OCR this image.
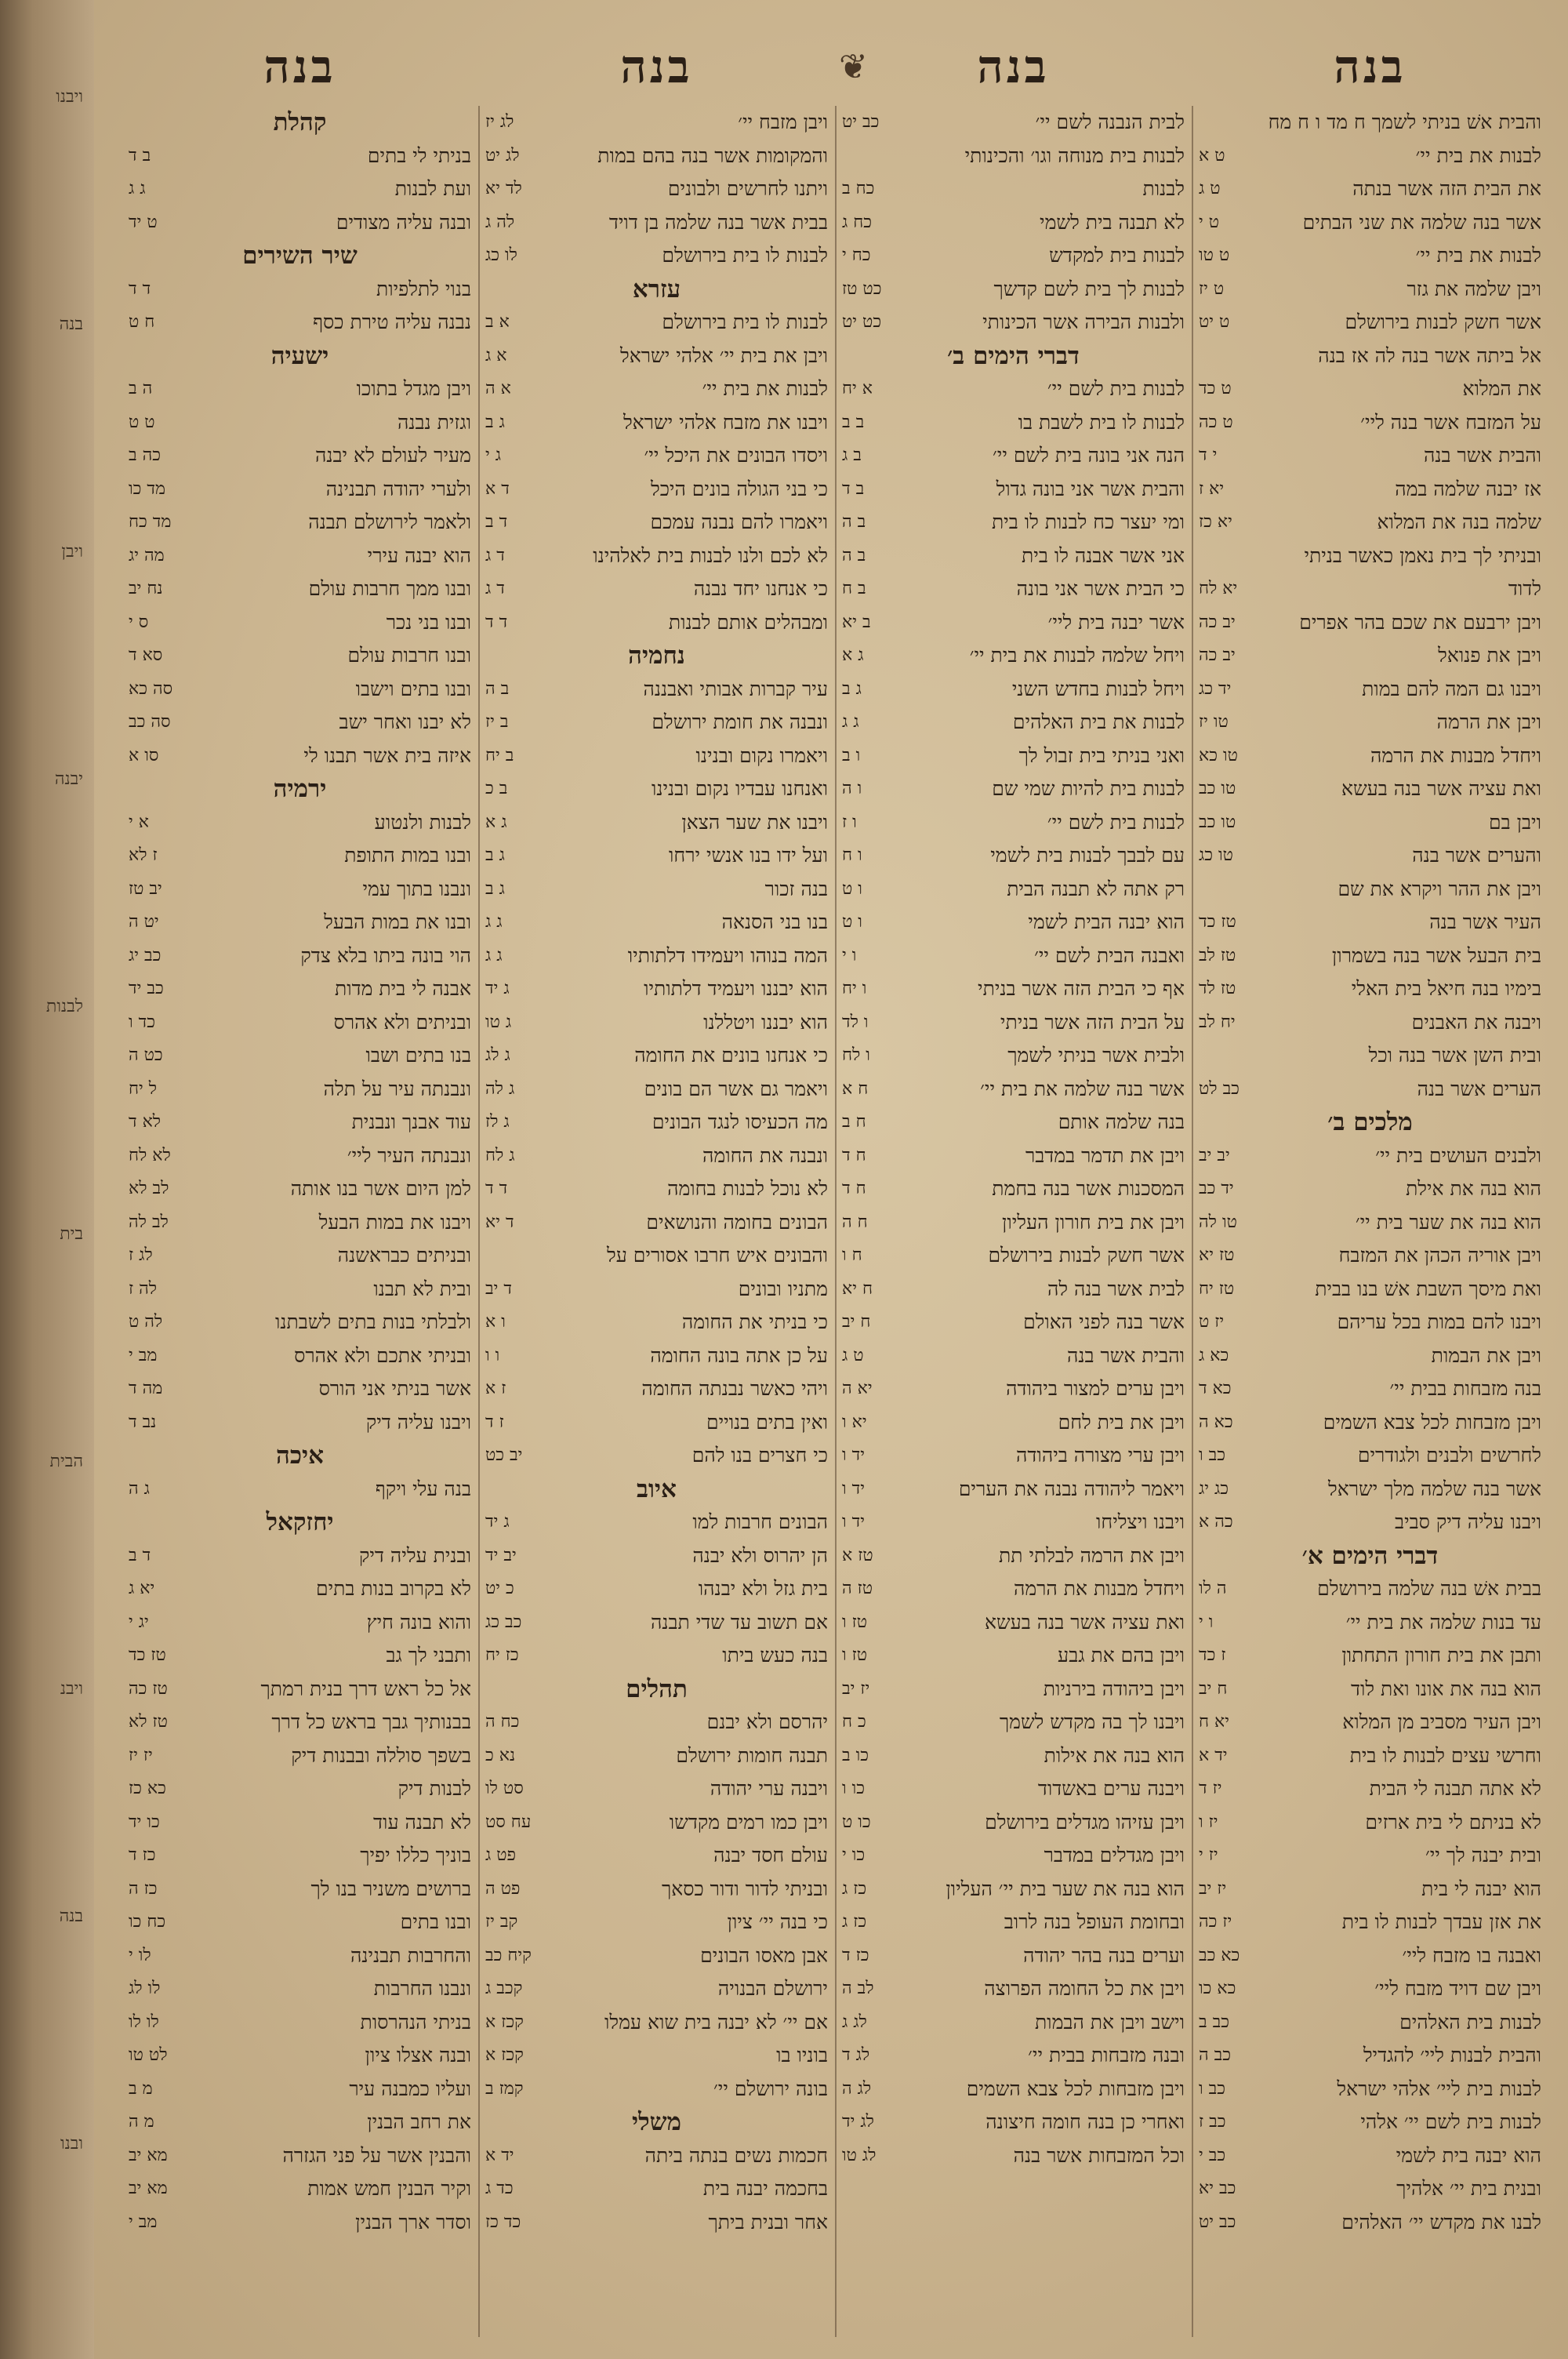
ויבנו
בנה
ויבן
יבנה
לבנות
בית
הבית
ויבנ
בנה
ובנו
❦	בנה
והבית אשׁ בניתי לשמך ח מד ו ח מח
לבנות את בית יי׳
ט א
את הבית הזה אשר בנתה
ט ג
אשר בנה שלמה את שני הבתים
ט י
לבנות את בית יי׳
ט טו
ויבן שלמה את גזר
ט יז
אשר חשק לבנות בירושלם
ט יט
אל ביתה אשר בנה לה אז בנה
את המלוא
ט כד
על המזבח אשר בנה ליי׳
ט כה
והבית אשר בנה
י ד
אז יבנה שלמה במה
יא ז
שלמה בנה את המלוא
יא כז
ובניתי לך בית נאמן כאשר בניתי
לדוד
יא לח
ויבן ירבעם את שכם בהר אפרים
יב כה
ויבן את פנואל
יב כה
ויבנו גם המה להם במות
יד כג
ויבן את הרמה
טו יז
ויחדל מבנות את הרמה
טו כא
ואת עציה אשר בנה בעשא
טו כב
ויבן בם
טו כב
והערים אשר בנה
טו כג
ויבן את ההר ויקרא את שם
העיר אשר בנה
טז כד
בית הבעל אשר בנה בשמרון
טז לב
בימיו בנה חיאל בית האלי
טז לד
ויבנה את האבנים
יח לב
ובית השן אשר בנה וכל
הערים אשר בנה
כב לט
מלכים ב׳
ולבנים העושים בית יי׳
יב יב
הוא בנה את אילת
יד כב
הוא בנה את שער בית יי׳
טו לה
ויבן אוריה הכהן את המזבח
טז יא
ואת מיסך השבת אשׁ בנו בבית
טז יח
ויבנו להם במות בכל עריהם
יז ט
ויבן את הבמות
כא ג
בנה מזבחות בבית יי׳
כא ד
ויבן מזבחות לכל צבא השמים
כא ה
לחרשים ולבנים ולגודרים
כב ו
אשר בנה שלמה מלך ישראל
כג יג
ויבנו עליה דיק סביב
כה א
דברי הימים א׳
בבית אשׁ בנה שלמה בירושלם
ה לו
עד בנות שלמה את בית יי׳
ו י
ותבן את בית חורון התחתון
ז כד
הוא בנה את אונו ואת לוד
ח יב
ויבן העיר מסביב מן המלוא
יא ח
וחרשי עצים לבנות לו בית
יד א
לא אתה תבנה לי הבית
יז ד
לא בניתם לי בית ארזים
יז ו
ובית יבנה לך יי׳
יז י
הוא יבנה לי בית
יז יב
את אזן עבדך לבנות לו בית
יז כה
ואבנה בו מזבח ליי׳
כא כב
ויבן שם דויד מזבח ליי׳
כא כו
לבנות בית האלהים
כב ב
והבית לבנות ליי׳ להגדיל
כב ה
לבנות בית ליי׳ אלהי ישראל
כב ו
לבנות בית לשם יי׳ אלהי
כב ז
הוא יבנה בית לשמי
כב י
ובנית בית יי׳ אלהיך
כב יא
לבנו את מקדש יי׳ האלהים
כב יט
בנה
לבית הנבנה לשם יי׳
כב יט
לבנות בית מנוחה וגו׳ והכינותי
לבנות
כח ב
לא תבנה בית לשמי
כח ג
לבנות בית למקדש
כח י
לבנות לך בית לשם קדשך
כט טז
ולבנות הבירה אשר הכינותי
כט יט
דברי הימים ב׳
לבנות בית לשם יי׳
א יח
לבנות לו בית לשבת בו
ב ב
הנה אני בונה בית לשם יי׳
ב ג
והבית אשר אני בונה גדול
ב ד
ומי יעצר כח לבנות לו בית
ב ה
אני אשר אבנה לו בית
ב ה
כי הבית אשר אני בונה
ב ח
אשר יבנה בית ליי׳
ב יא
ויחל שלמה לבנות את בית יי׳
ג א
ויחל לבנות בחדש השני
ג ב
לבנות את בית האלהים
ג ג
ואני בניתי בית זבול לך
ו ב
לבנות בית להיות שמי שם
ו ה
לבנות בית לשם יי׳
ו ז
עם לבבך לבנות בית לשמי
ו ח
רק אתה לא תבנה הבית
ו ט
הוא יבנה הבית לשמי
ו ט
ואבנה הבית לשם יי׳
ו י
אף כי הבית הזה אשר בניתי
ו יח
על הבית הזה אשר בניתי
ו לד
ולבית אשר בניתי לשמך
ו לח
אשר בנה שלמה את בית יי׳
ח א
בנה שלמה אותם
ח ב
ויבן את תדמר במדבר
ח ד
המסכנות אשר בנה בחמת
ח ד
ויבן את בית חורון העליון
ח ה
אשר חשק לבנות בירושלם
ח ו
לבית אשר בנה לה
ח יא
אשר בנה לפני האולם
ח יב
והבית אשר בנה
ט ג
ויבן ערים למצור ביהודה
יא ה
ויבן את בית לחם
יא ו
ויבן ערי מצורה ביהודה
יד ו
ויאמר ליהודה נבנה את הערים
יד ו
ויבנו ויצליחו
יד ו
ויבן את הרמה לבלתי תת
טז א
ויחדל מבנות את הרמה
טז ה
ואת עציה אשר בנה בעשא
טז ו
ויבן בהם את גבע
טז ו
ויבן ביהודה בירניות
יז יב
ויבנו לך בה מקדש לשמך
כ ח
הוא בנה את אילות
כו ב
ויבנה ערים באשדוד
כו ו
ויבן עזיהו מגדלים בירושלם
כו ט
ויבן מגדלים במדבר
כו י
הוא בנה את שער בית יי׳ העליון
כז ג
ובחומת העופל בנה לרוב
כז ג
וערים בנה בהר יהודה
כז ד
ויבן את כל החומה הפרוצה
לב ה
וישב ויבן את הבמות
לג ג
ובנה מזבחות בבית יי׳
לג ד
ויבן מזבחות לכל צבא השמים
לג ה
ואחרי כן בנה חומה חיצונה
לג יד
וכל המזבחות אשר בנה
לג טו
בנה
ויבן מזבח יי׳
לג יז
והמקומות אשר בנה בהם במות
לג יט
ויתנו לחרשים ולבונים
לד יא
בבית אשר בנה שלמה בן דויד
לה ג
לבנות לו בית בירושלם
לו כג
עזרא
לבנות לו בית בירושלם
א ב
ויבן את בית יי׳ אלהי ישראל
א ג
לבנות את בית יי׳
א ה
ויבנו את מזבח אלהי ישראל
ג ב
ויסדו הבונים את היכל יי׳
ג י
כי בני הגולה בונים היכל
ד א
ויאמרו להם נבנה עמכם
ד ב
לא לכם ולנו לבנות בית לאלהינו
ד ג
כי אנחנו יחד נבנה
ד ג
ומבהלים אותם לבנות
ד ד
נחמיה
עיר קברות אבותי ואבננה
ב ה
ונבנה את חומת ירושלם
ב יז
ויאמרו נקום ובנינו
ב יח
ואנחנו עבדיו נקום ובנינו
ב כ
ויבנו את שער הצאן
ג א
ועל ידו בנו אנשי ירחו
ג ב
בנה זכור
ג ב
בנו בני הסנאה
ג ג
המה בנוהו ויעמידו דלתותיו
ג ג
הוא יבננו ויעמיד דלתותיו
ג יד
הוא יבננו ויטללנו
ג טו
כי אנחנו בונים את החומה
ג לג
ויאמר גם אשר הם בונים
ג לה
מה הכעיסו לנגד הבונים
ג לז
ונבנה את החומה
ג לח
לא נוכל לבנות בחומה
ד ד
הבונים בחומה והנושאים
ד יא
והבונים איש חרבו אסורים על
מתניו ובונים
ד יב
כי בניתי את החומה
ו א
על כן אתה בונה החומה
ו ו
ויהי כאשר נבנתה החומה
ז א
ואין בתים בנויים
ז ד
כי חצרים בנו להם
יב כט
איוב
הבונים חרבות למו
ג יד
הן יהרוס ולא יבנה
יב יד
בית גזל ולא יבנהו
כ יט
אם תשוב עד שדי תבנה
כב כג
בנה כעש ביתו
כז יח
תהלים
יהרסם ולא יבנם
כח ה
תבנה חומות ירושלם
נא כ
ויבנה ערי יהודה
סט לו
ויבן כמו רמים מקדשו
עח סט
עולם חסד יבנה
פט ג
ובניתי לדור ודור כסאך
פט ה
כי בנה יי׳ ציון
קב יז
אבן מאסו הבונים
קיח כב
ירושלם הבנויה
קכב ג
אם יי׳ לא יבנה בית שוא עמלו
קכז א
בוניו בו
קכז א
בונה ירושלם יי׳
קמז ב
משלי
חכמות נשים בנתה ביתה
יד א
בחכמה יבנה בית
כד ג
אחר ובנית ביתך
כד כז
בנה
קהלת
בניתי לי בתים
ב ד
ועת לבנות
ג ג
ובנה עליה מצודים
ט יד
שיר השירים
בנוי לתלפיות
ד ד
נבנה עליה טירת כסף
ח ט
ישעיה
ויבן מגדל בתוכו
ה ב
וגזית נבנה
ט ט
מעיר לעולם לא יבנה
כה ב
ולערי יהודה תבנינה
מד כו
ולאמר לירושלם תבנה
מד כח
הוא יבנה עירי
מה יג
ובנו ממך חרבות עולם
נח יב
ובנו בני נכר
ס י
ובנו חרבות עולם
סא ד
ובנו בתים וישבו
סה כא
לא יבנו ואחר ישב
סה כב
איזה בית אשר תבנו לי
סו א
ירמיה
לבנות ולנטוע
א י
ובנו במות התופת
ז לא
ונבנו בתוך עמי
יב טז
ובנו את במות הבעל
יט ה
הוי בונה ביתו בלא צדק
כב יג
אבנה לי בית מדות
כב יד
ובניתים ולא אהרס
כד ו
בנו בתים ושבו
כט ה
ונבנתה עיר על תלה
ל יח
עוד אבנך ונבנית
לא ד
ונבנתה העיר ליי׳
לא לח
למן היום אשר בנו אותה
לב לא
ויבנו את במות הבעל
לב לה
ובניתים כבראשנה
לג ז
ובית לא תבנו
לה ז
ולבלתי בנות בתים לשבתנו
לה ט
ובניתי אתכם ולא אהרס
מב י
אשר בניתי אני הורס
מה ד
ויבנו עליה דיק
נב ד
איכה
בנה עלי ויקף
ג ה
יחזקאל
ובנית עליה דיק
ד ב
לא בקרוב בנות בתים
יא ג
והוא בונה חיץ
יג י
ותבני לך גב
טז כד
אל כל ראש דרך בנית רמתך
טז כה
בבנותיך גבך בראש כל דרך
טז לא
בשפך סוללה ובבנות דיק
יז יז
לבנות דיק
כא כז
לא תבנה עוד
כו יד
בוניך כללו יפיך
כז ד
ברושים משניר בנו לך
כז ה
ובנו בתים
כח כו
והחרבות תבנינה
לו י
ונבנו החרבות
לו לג
בניתי הנהרסות
לו לו
ובנה אצלו ציון
לט טו
ועליו כמבנה עיר
מ ב
את רחב הבנין
מ ה
והבנין אשר על פני הגזרה
מא יב
וקיר הבנין חמש אמות
מא יב
וסדר ארך הבנין
מב י
